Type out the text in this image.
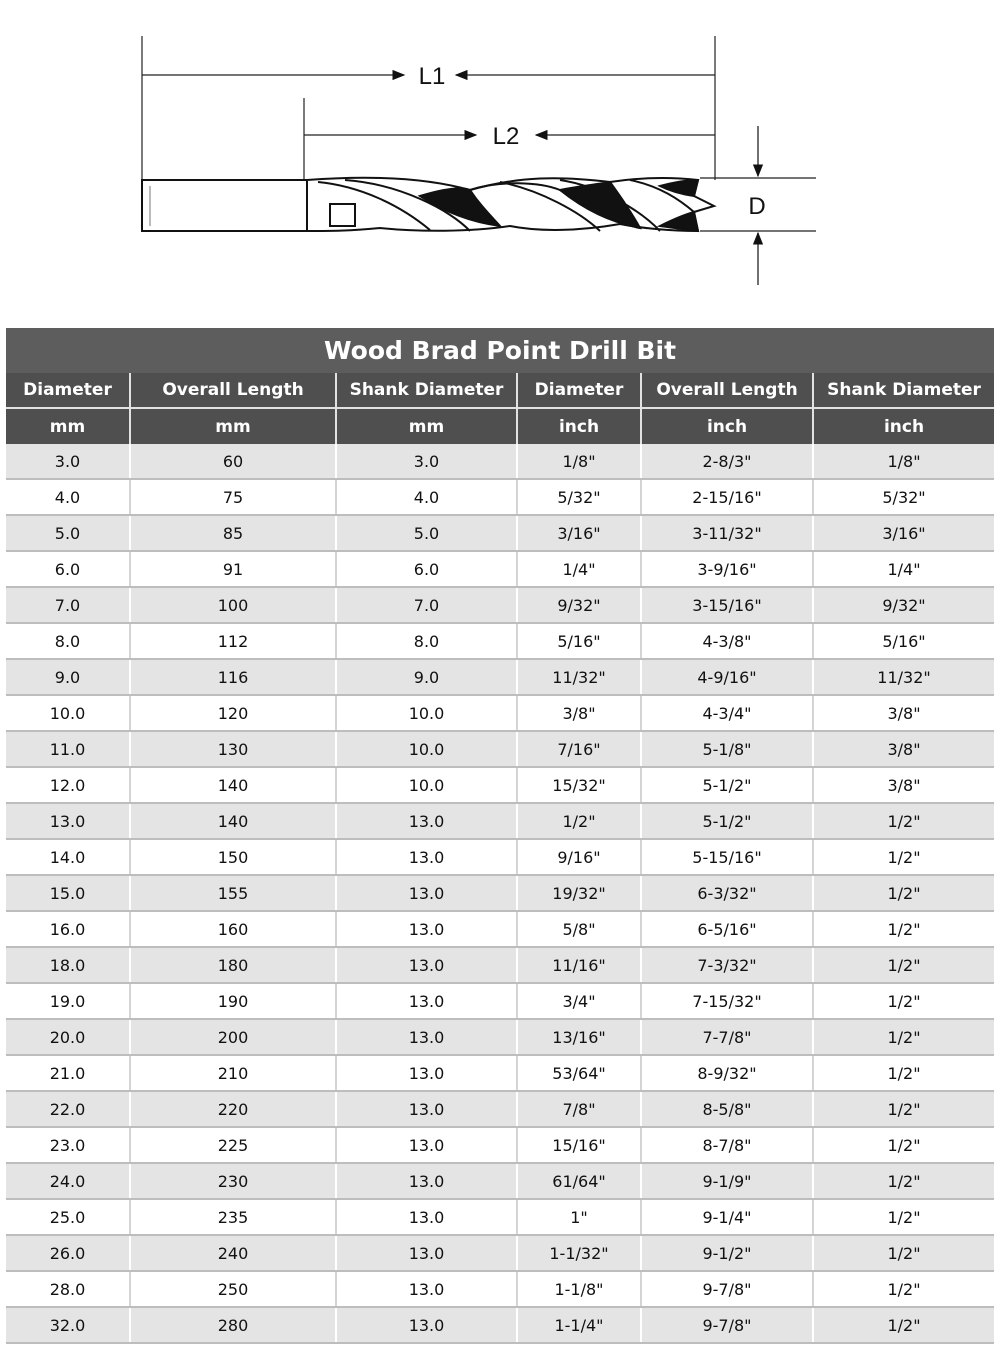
L1
L2
D
Wood Brad Point Drill Bit					
Diameter	Overall Length	Shank Diameter	Diameter	Overall Length	Shank Diameter
mm	mm	mm	inch	inch	inch
3.0	60	3.0	1/8"	2-8/3"	1/8"
4.0	75	4.0	5/32"	2-15/16"	5/32"
5.0	85	5.0	3/16"	3-11/32"	3/16"
6.0	91	6.0	1/4"	3-9/16"	1/4"
7.0	100	7.0	9/32"	3-15/16"	9/32"
8.0	112	8.0	5/16"	4-3/8"	5/16"
9.0	116	9.0	11/32"	4-9/16"	11/32"
10.0	120	10.0	3/8"	4-3/4"	3/8"
11.0	130	10.0	7/16"	5-1/8"	3/8"
12.0	140	10.0	15/32"	5-1/2"	3/8"
13.0	140	13.0	1/2"	5-1/2"	1/2"
14.0	150	13.0	9/16"	5-15/16"	1/2"
15.0	155	13.0	19/32"	6-3/32"	1/2"
16.0	160	13.0	5/8"	6-5/16"	1/2"
18.0	180	13.0	11/16"	7-3/32"	1/2"
19.0	190	13.0	3/4"	7-15/32"	1/2"
20.0	200	13.0	13/16"	7-7/8"	1/2"
21.0	210	13.0	53/64"	8-9/32"	1/2"
22.0	220	13.0	7/8"	8-5/8"	1/2"
23.0	225	13.0	15/16"	8-7/8"	1/2"
24.0	230	13.0	61/64"	9-1/9"	1/2"
25.0	235	13.0	1"	9-1/4"	1/2"
26.0	240	13.0	1-1/32"	9-1/2"	1/2"
28.0	250	13.0	1-1/8"	9-7/8"	1/2"
32.0	280	13.0	1-1/4"	9-7/8"	1/2"
